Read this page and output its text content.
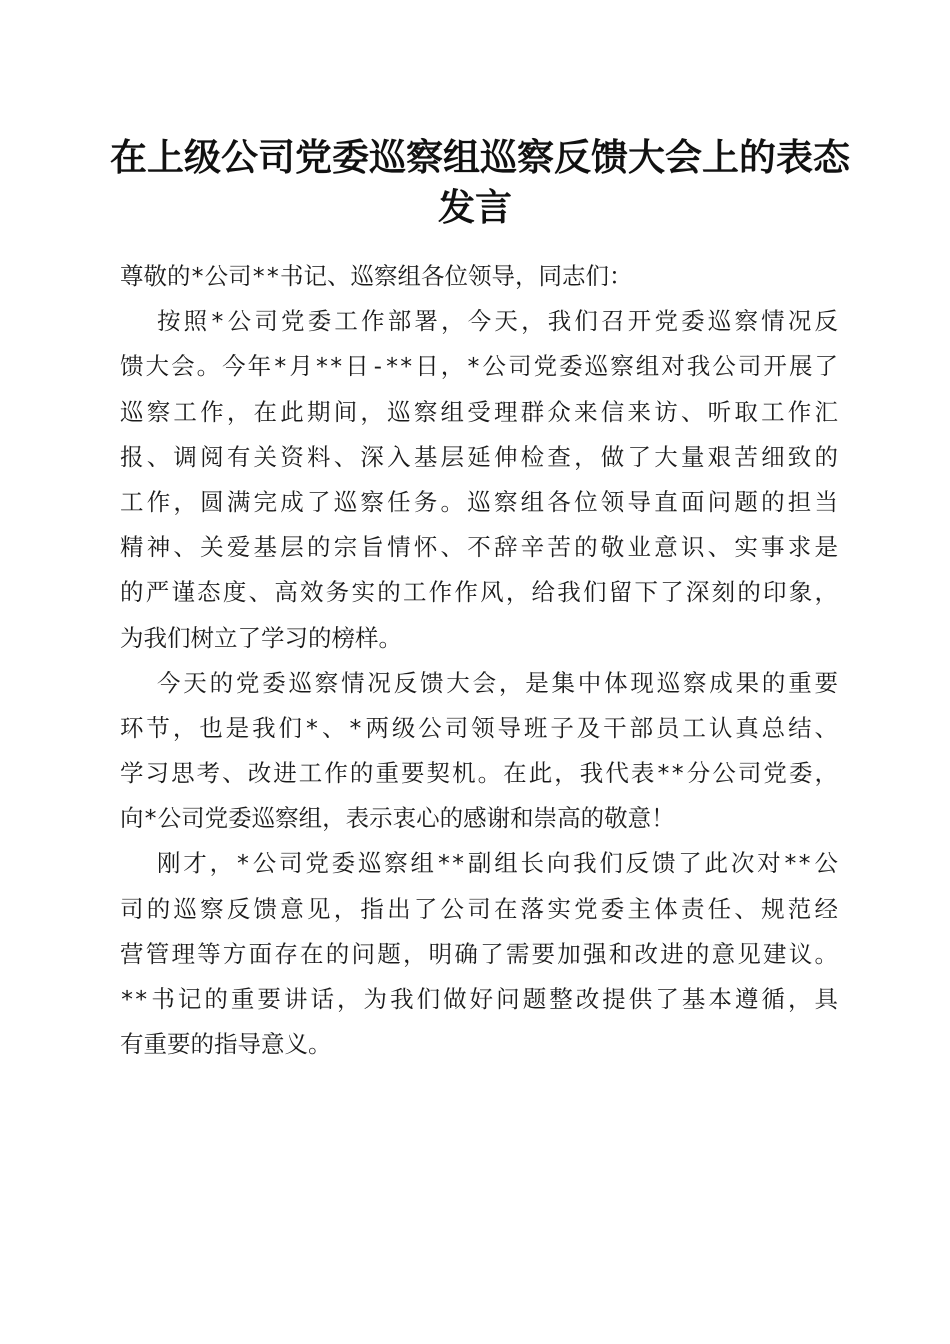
在上级公司党委巡察组巡察反馈大会上的表态
发言
尊敬的*公司**书记、巡察组各位领导，同志们：
按照*公司党委工作部署，今天，我们召开党委巡察情况反
馈大会。今年*月**日-**日，*公司党委巡察组对我公司开展了
巡察工作，在此期间，巡察组受理群众来信来访、听取工作汇
报、调阅有关资料、深入基层延伸检查，做了大量艰苦细致的
工作，圆满完成了巡察任务。巡察组各位领导直面问题的担当
精神、关爱基层的宗旨情怀、不辞辛苦的敬业意识、实事求是
的严谨态度、高效务实的工作作风，给我们留下了深刻的印象，
为我们树立了学习的榜样。
今天的党委巡察情况反馈大会，是集中体现巡察成果的重要
环节，也是我们*、*两级公司领导班子及干部员工认真总结、
学习思考、改进工作的重要契机。在此，我代表**分公司党委，
向*公司党委巡察组，表示衷心的感谢和崇高的敬意！
刚才，*公司党委巡察组**副组长向我们反馈了此次对**公
司的巡察反馈意见，指出了公司在落实党委主体责任、规范经
营管理等方面存在的问题，明确了需要加强和改进的意见建议。
**书记的重要讲话，为我们做好问题整改提供了基本遵循，具
有重要的指导意义。
